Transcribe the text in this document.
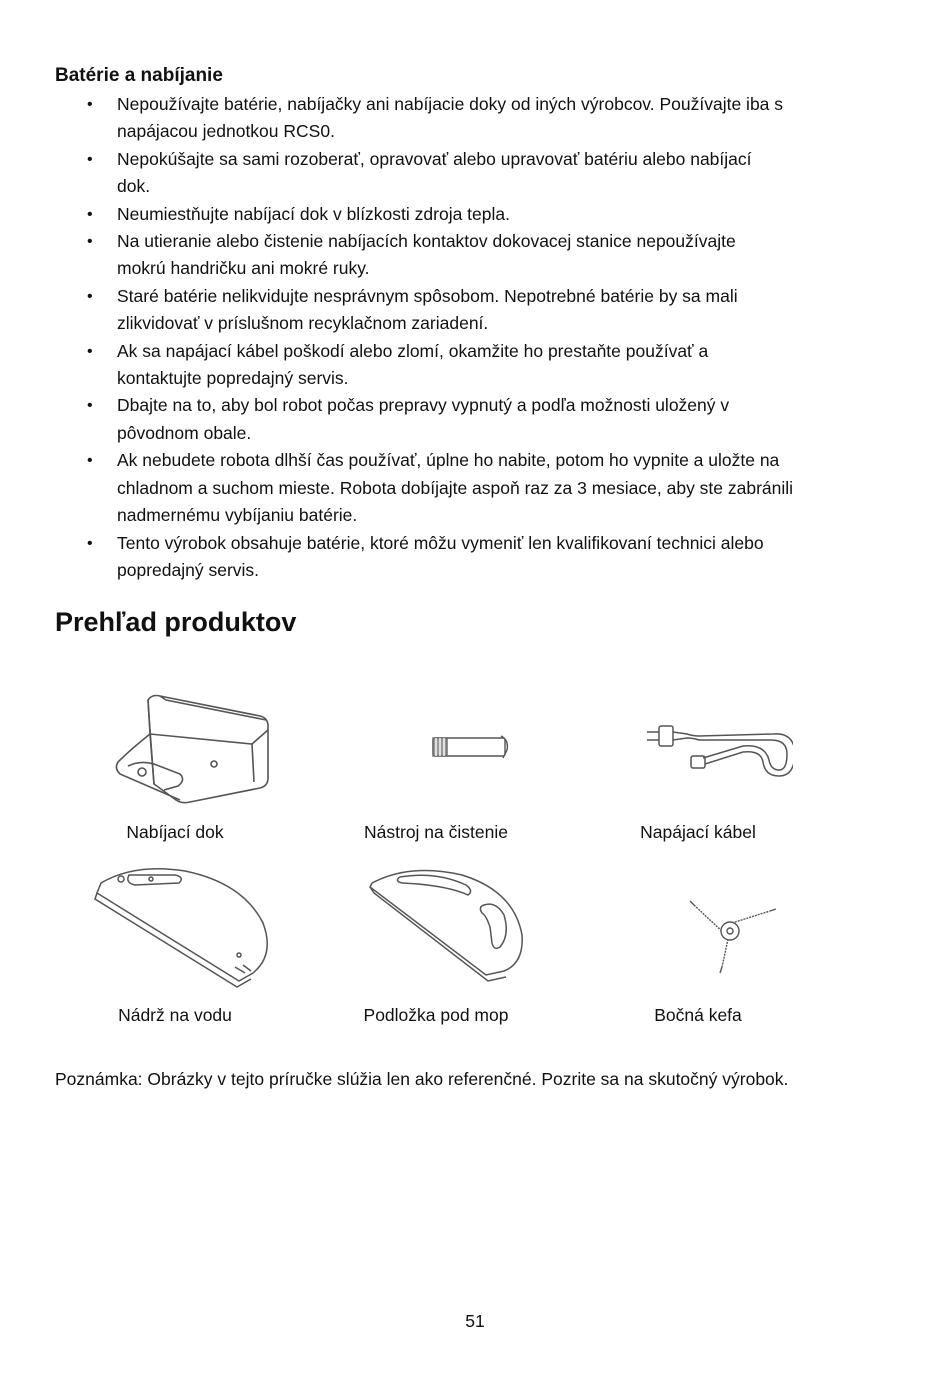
Batérie a nabíjanie
• Nepoužívajte batérie, nabíjačky ani nabíjacie doky od iných výrobcov. Používajte iba s
napájacou jednotkou RCS0.
• Nepokúšajte sa sami rozoberať, opravovať alebo upravovať batériu alebo nabíjací
dok.
• Neumiestňujte nabíjací dok v blízkosti zdroja tepla.
• Na utieranie alebo čistenie nabíjacích kontaktov dokovacej stanice nepoužívajte
mokrú handričku ani mokré ruky.
• Staré batérie nelikvidujte nesprávnym spôsobom. Nepotrebné batérie by sa mali
zlikvidovať v príslušnom recyklačnom zariadení.
• Ak sa napájací kábel poškodí alebo zlomí, okamžite ho prestaňte používať a
kontaktujte popredajný servis.
• Dbajte na to, aby bol robot počas prepravy vypnutý a podľa možnosti uložený v
pôvodnom obale.
• Ak nebudete robota dlhší čas používať, úplne ho nabite, potom ho vypnite a uložte na
chladnom a suchom mieste. Robota dobíjajte aspoň raz za 3 mesiace, aby ste zabránili
nadmernému vybíjaniu batérie.
• Tento výrobok obsahuje batérie, ktoré môžu vymeniť len kvalifikovaní technici alebo
popredajný servis.
Prehľad produktov
Nabíjací dok	Nástroj na čistenie	Napájací kábel
Nádrž na vodu	Podložka pod mop	Bočná kefa

Poznámka: Obrázky v tejto príručke slúžia len ako referenčné. Pozrite sa na skutočný výrobok.

51
